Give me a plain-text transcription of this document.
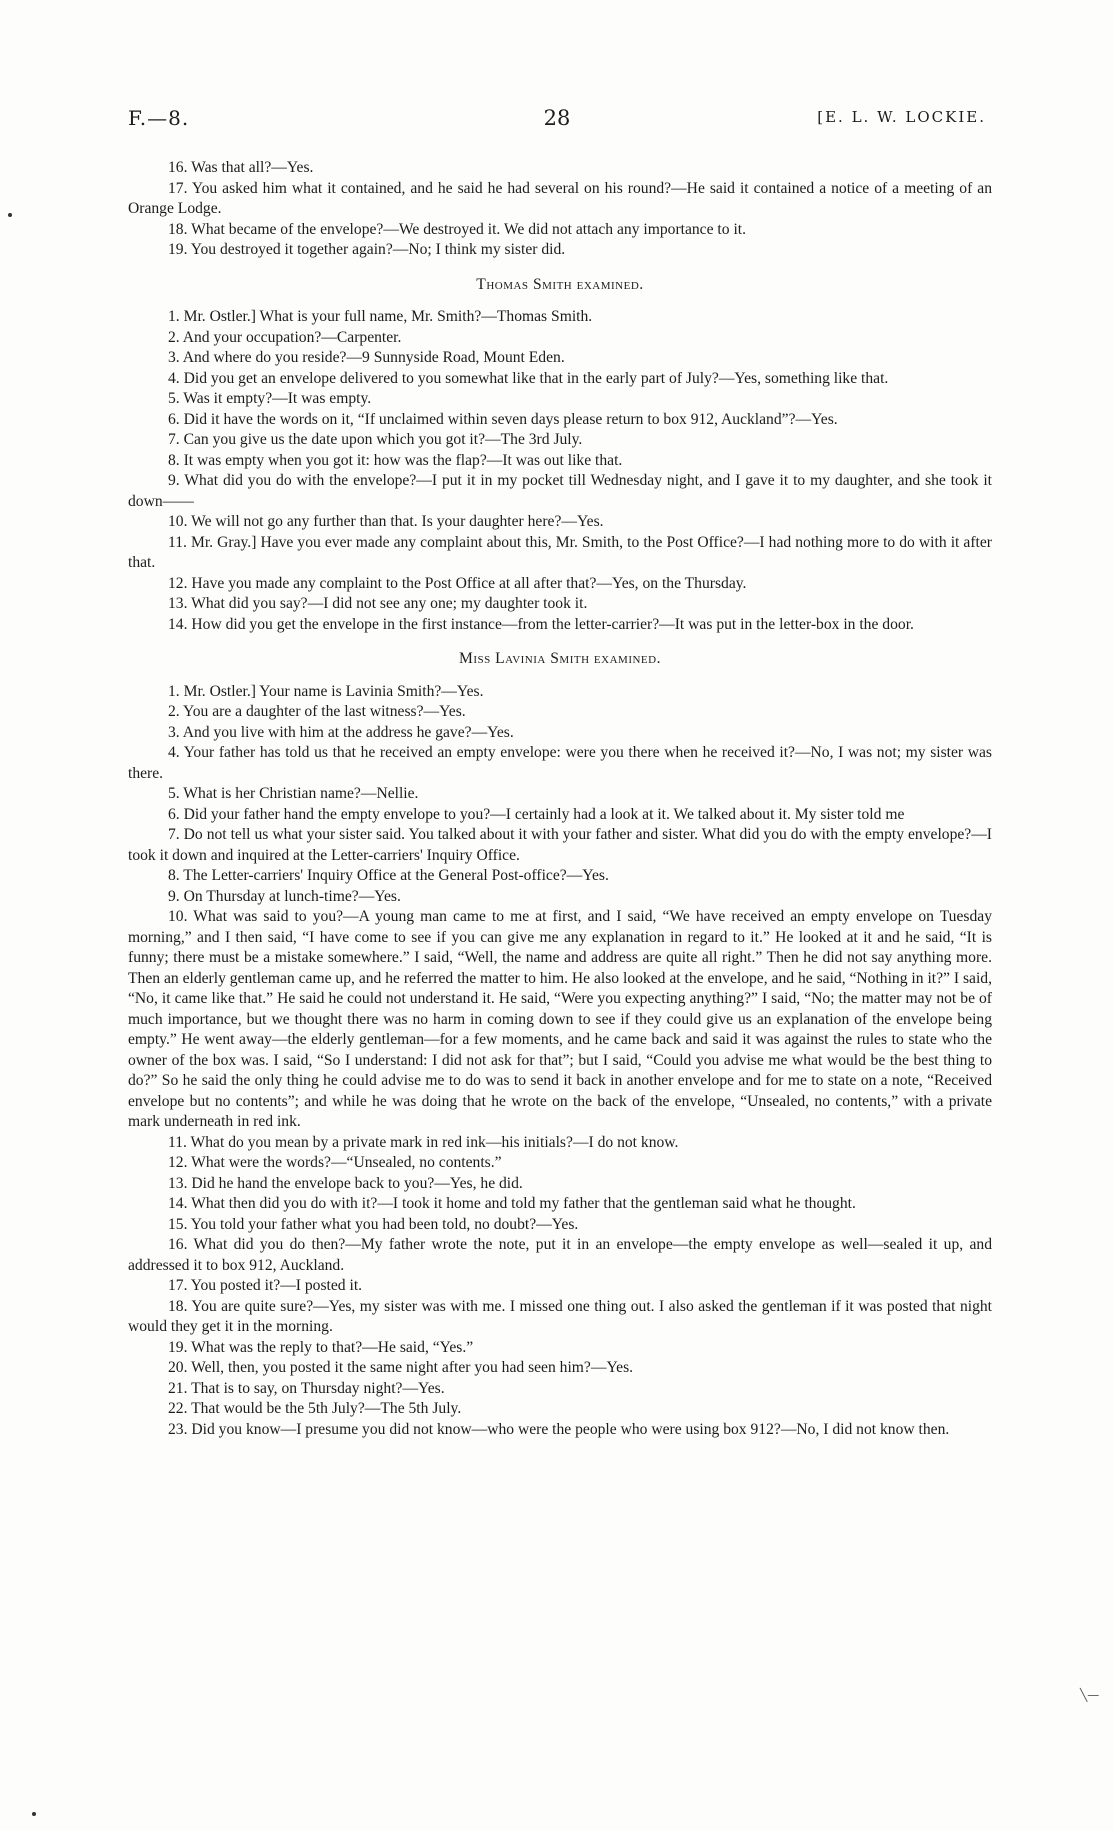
F.—8.	28	[E. L. W. LOCKIE.

16. Was that all?—Yes.

17. You asked him what it contained, and he said he had several on his round?—He said it contained a notice of a meeting of an Orange Lodge.

18. What became of the envelope?—We destroyed it. We did not attach any importance to it.

19. You destroyed it together again?—No; I think my sister did.

Thomas Smith examined.

1. Mr. Ostler.] What is your full name, Mr. Smith?—Thomas Smith.

2. And your occupation?—Carpenter.

3. And where do you reside?—9 Sunnyside Road, Mount Eden.

4. Did you get an envelope delivered to you somewhat like that in the early part of July?—Yes, something like that.

5. Was it empty?—It was empty.

6. Did it have the words on it, “If unclaimed within seven days please return to box 912, Auckland”?—Yes.

7. Can you give us the date upon which you got it?—The 3rd July.

8. It was empty when you got it: how was the flap?—It was out like that.

9. What did you do with the envelope?—I put it in my pocket till Wednesday night, and I gave it to my daughter, and she took it down——

10. We will not go any further than that. Is your daughter here?—Yes.

11. Mr. Gray.] Have you ever made any complaint about this, Mr. Smith, to the Post Office?—I had nothing more to do with it after that.

12. Have you made any complaint to the Post Office at all after that?—Yes, on the Thursday.

13. What did you say?—I did not see any one; my daughter took it.

14. How did you get the envelope in the first instance—from the letter-carrier?—It was put in the letter-box in the door.

Miss Lavinia Smith examined.

1. Mr. Ostler.] Your name is Lavinia Smith?—Yes.

2. You are a daughter of the last witness?—Yes.

3. And you live with him at the address he gave?—Yes.

4. Your father has told us that he received an empty envelope: were you there when he received it?—No, I was not; my sister was there.

5. What is her Christian name?—Nellie.

6. Did your father hand the empty envelope to you?—I certainly had a look at it. We talked about it. My sister told me

7. Do not tell us what your sister said. You talked about it with your father and sister. What did you do with the empty envelope?—I took it down and inquired at the Letter-carriers' Inquiry Office.

8. The Letter-carriers' Inquiry Office at the General Post-office?—Yes.

9. On Thursday at lunch-time?—Yes.

10. What was said to you?—A young man came to me at first, and I said, “We have received an empty envelope on Tuesday morning,” and I then said, “I have come to see if you can give me any explanation in regard to it.” He looked at it and he said, “It is funny; there must be a mistake somewhere.” I said, “Well, the name and address are quite all right.” Then he did not say anything more. Then an elderly gentleman came up, and he referred the matter to him. He also looked at the envelope, and he said, “Nothing in it?” I said, “No, it came like that.” He said he could not understand it. He said, “Were you expecting anything?” I said, “No; the matter may not be of much importance, but we thought there was no harm in coming down to see if they could give us an explanation of the envelope being empty.” He went away—the elderly gentleman—for a few moments, and he came back and said it was against the rules to state who the owner of the box was. I said, “So I understand: I did not ask for that”; but I said, “Could you advise me what would be the best thing to do?” So he said the only thing he could advise me to do was to send it back in another envelope and for me to state on a note, “Received envelope but no contents”; and while he was doing that he wrote on the back of the envelope, “Unsealed, no contents,” with a private mark underneath in red ink.

11. What do you mean by a private mark in red ink—his initials?—I do not know.

12. What were the words?—“Unsealed, no contents.”

13. Did he hand the envelope back to you?—Yes, he did.

14. What then did you do with it?—I took it home and told my father that the gentleman said what he thought.

15. You told your father what you had been told, no doubt?—Yes.

16. What did you do then?—My father wrote the note, put it in an envelope—the empty envelope as well—sealed it up, and addressed it to box 912, Auckland.

17. You posted it?—I posted it.

18. You are quite sure?—Yes, my sister was with me. I missed one thing out. I also asked the gentleman if it was posted that night would they get it in the morning.

19. What was the reply to that?—He said, “Yes.”

20. Well, then, you posted it the same night after you had seen him?—Yes.

21. That is to say, on Thursday night?—Yes.

22. That would be the 5th July?—The 5th July.

23. Did you know—I presume you did not know—who were the people who were using box 912?—No, I did not know then.

╲—
